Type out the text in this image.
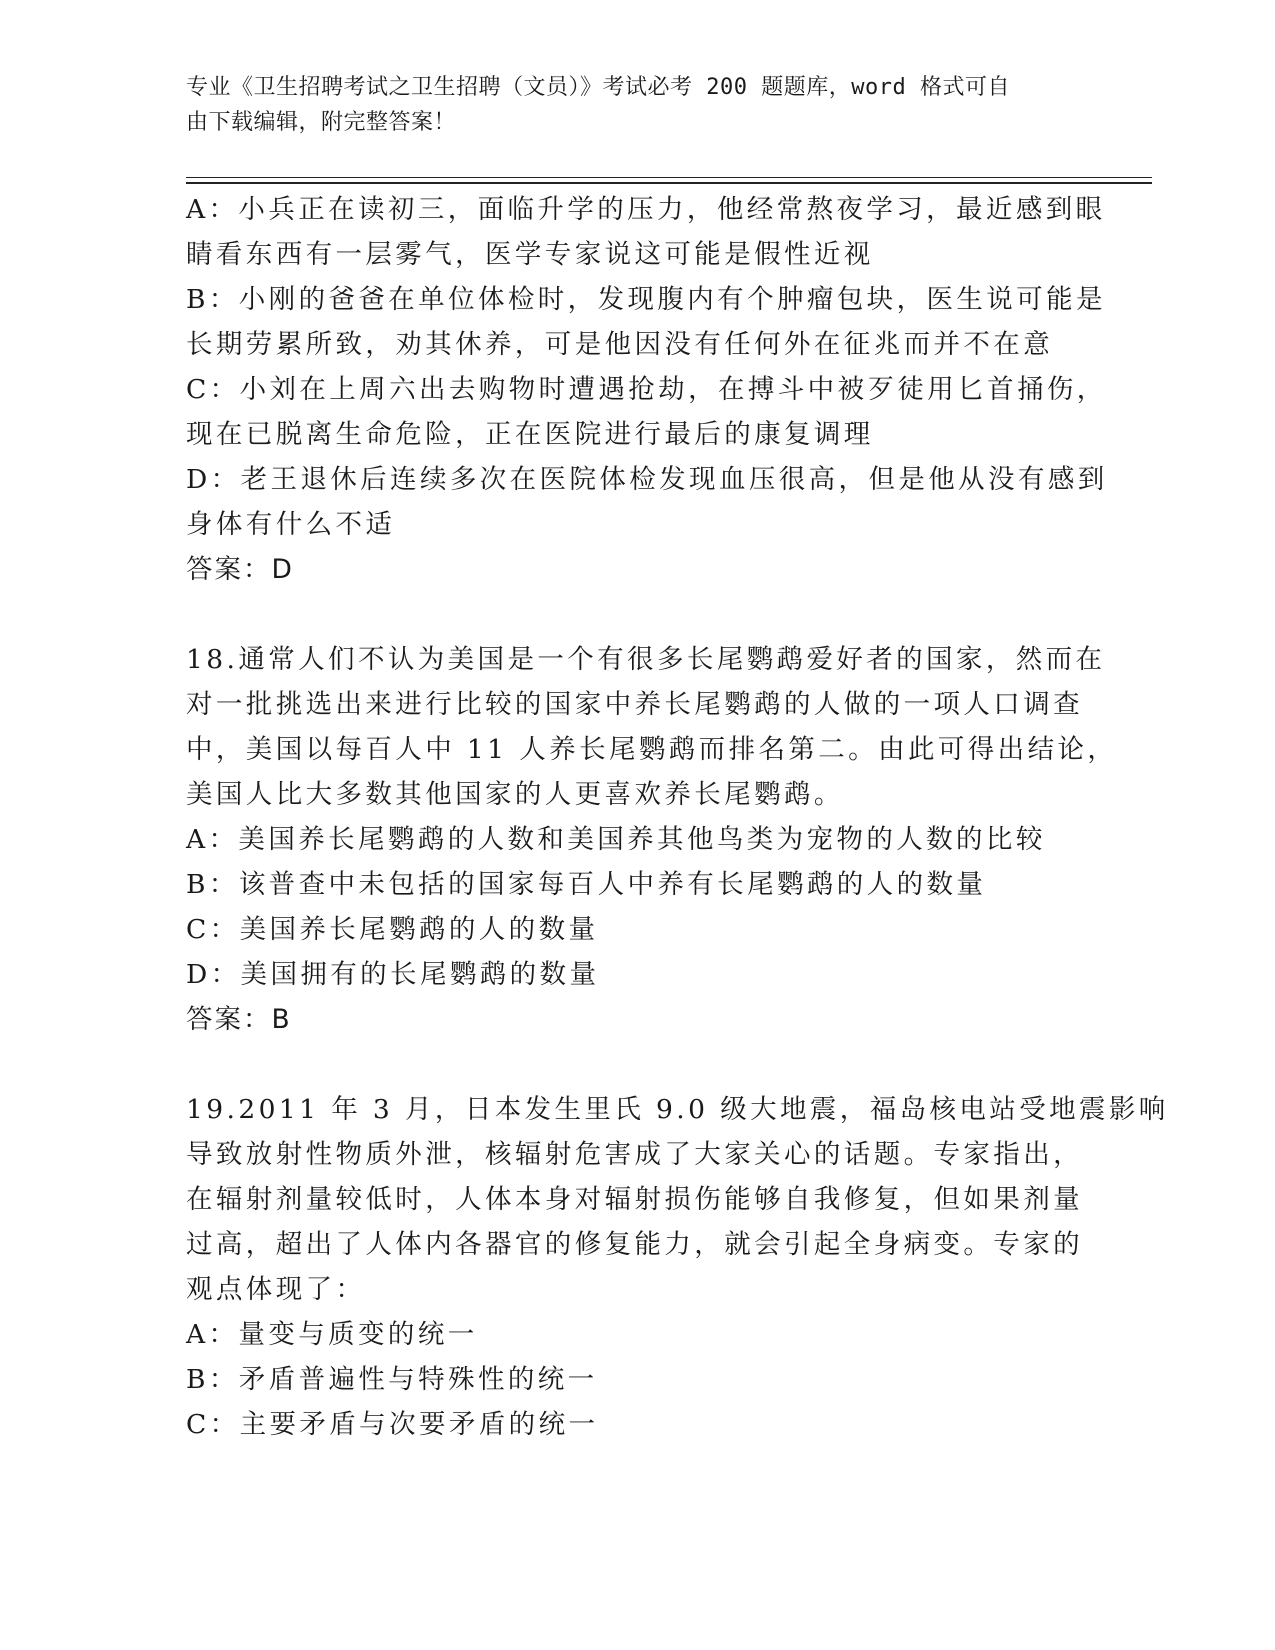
专业《卫生招聘考试之卫生招聘（文员）》考试必考 200 题题库，word 格式可自
由下载编辑，附完整答案！
A：小兵正在读初三，面临升学的压力，他经常熬夜学习，最近感到眼
睛看东西有一层雾气，医学专家说这可能是假性近视
B：小刚的爸爸在单位体检时，发现腹内有个肿瘤包块，医生说可能是
长期劳累所致，劝其休养，可是他因没有任何外在征兆而并不在意
C：小刘在上周六出去购物时遭遇抢劫，在搏斗中被歹徒用匕首捅伤，
现在已脱离生命危险，正在医院进行最后的康复调理
D：老王退休后连续多次在医院体检发现血压很高，但是他从没有感到
身体有什么不适
答案：D
18.通常人们不认为美国是一个有很多长尾鹦鹉爱好者的国家，然而在
对一批挑选出来进行比较的国家中养长尾鹦鹉的人做的一项人口调查
中，美国以每百人中 11 人养长尾鹦鹉而排名第二。由此可得出结论，
美国人比大多数其他国家的人更喜欢养长尾鹦鹉。
A：美国养长尾鹦鹉的人数和美国养其他鸟类为宠物的人数的比较
B：该普查中未包括的国家每百人中养有长尾鹦鹉的人的数量
C：美国养长尾鹦鹉的人的数量
D：美国拥有的长尾鹦鹉的数量
答案：B
19.2011 年 3 月，日本发生里氏 9.0 级大地震，福岛核电站受地震影响
导致放射性物质外泄，核辐射危害成了大家关心的话题。专家指出，
在辐射剂量较低时，人体本身对辐射损伤能够自我修复，但如果剂量
过高，超出了人体内各器官的修复能力，就会引起全身病变。专家的
观点体现了：
A：量变与质变的统一
B：矛盾普遍性与特殊性的统一
C：主要矛盾与次要矛盾的统一
